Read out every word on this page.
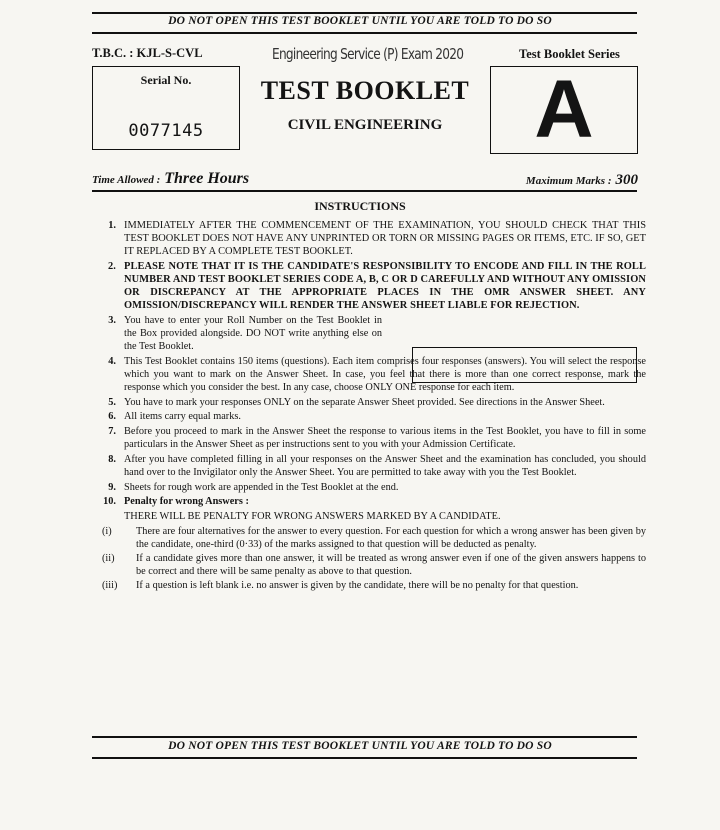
DO NOT OPEN THIS TEST BOOKLET UNTIL YOU ARE TOLD TO DO SO
T.B.C. : KJL-S-CVL	Engineering Service (P) Exam 2020	Test Booklet Series
Serial No.
0077145
TEST BOOKLET
CIVIL ENGINEERING	A
Time Allowed : Three Hours	Maximum Marks : 300
INSTRUCTIONS
1. IMMEDIATELY AFTER THE COMMENCEMENT OF THE EXAMINATION, YOU SHOULD CHECK THAT THIS TEST BOOKLET DOES NOT HAVE ANY UNPRINTED OR TORN OR MISSING PAGES OR ITEMS, ETC. IF SO, GET IT REPLACED BY A COMPLETE TEST BOOKLET.
2. PLEASE NOTE THAT IT IS THE CANDIDATE'S RESPONSIBILITY TO ENCODE AND FILL IN THE ROLL NUMBER AND TEST BOOKLET SERIES CODE A, B, C OR D CAREFULLY AND WITHOUT ANY OMISSION OR DISCREPANCY AT THE APPROPRIATE PLACES IN THE OMR ANSWER SHEET. ANY OMISSION/DISCREPANCY WILL RENDER THE ANSWER SHEET LIABLE FOR REJECTION.
3. You have to enter your Roll Number on the Test Booklet in the Box provided alongside. DO NOT write anything else on the Test Booklet.
4. This Test Booklet contains 150 items (questions). Each item comprises four responses (answers). You will select the response which you want to mark on the Answer Sheet. In case, you feel that there is more than one correct response, mark the response which you consider the best. In any case, choose ONLY ONE response for each item.
5. You have to mark your responses ONLY on the separate Answer Sheet provided. See directions in the Answer Sheet.
6. All items carry equal marks.
7. Before you proceed to mark in the Answer Sheet the response to various items in the Test Booklet, you have to fill in some particulars in the Answer Sheet as per instructions sent to you with your Admission Certificate.
8. After you have completed filling in all your responses on the Answer Sheet and the examination has concluded, you should hand over to the Invigilator only the Answer Sheet. You are permitted to take away with you the Test Booklet.
9. Sheets for rough work are appended in the Test Booklet at the end.
10. Penalty for wrong Answers :
THERE WILL BE PENALTY FOR WRONG ANSWERS MARKED BY A CANDIDATE.
(i) There are four alternatives for the answer to every question. For each question for which a wrong answer has been given by the candidate, one-third (0·33) of the marks assigned to that question will be deducted as penalty.
(ii) If a candidate gives more than one answer, it will be treated as wrong answer even if one of the given answers happens to be correct and there will be same penalty as above to that question.
(iii) If a question is left blank i.e. no answer is given by the candidate, there will be no penalty for that question.
DO NOT OPEN THIS TEST BOOKLET UNTIL YOU ARE TOLD TO DO SO
